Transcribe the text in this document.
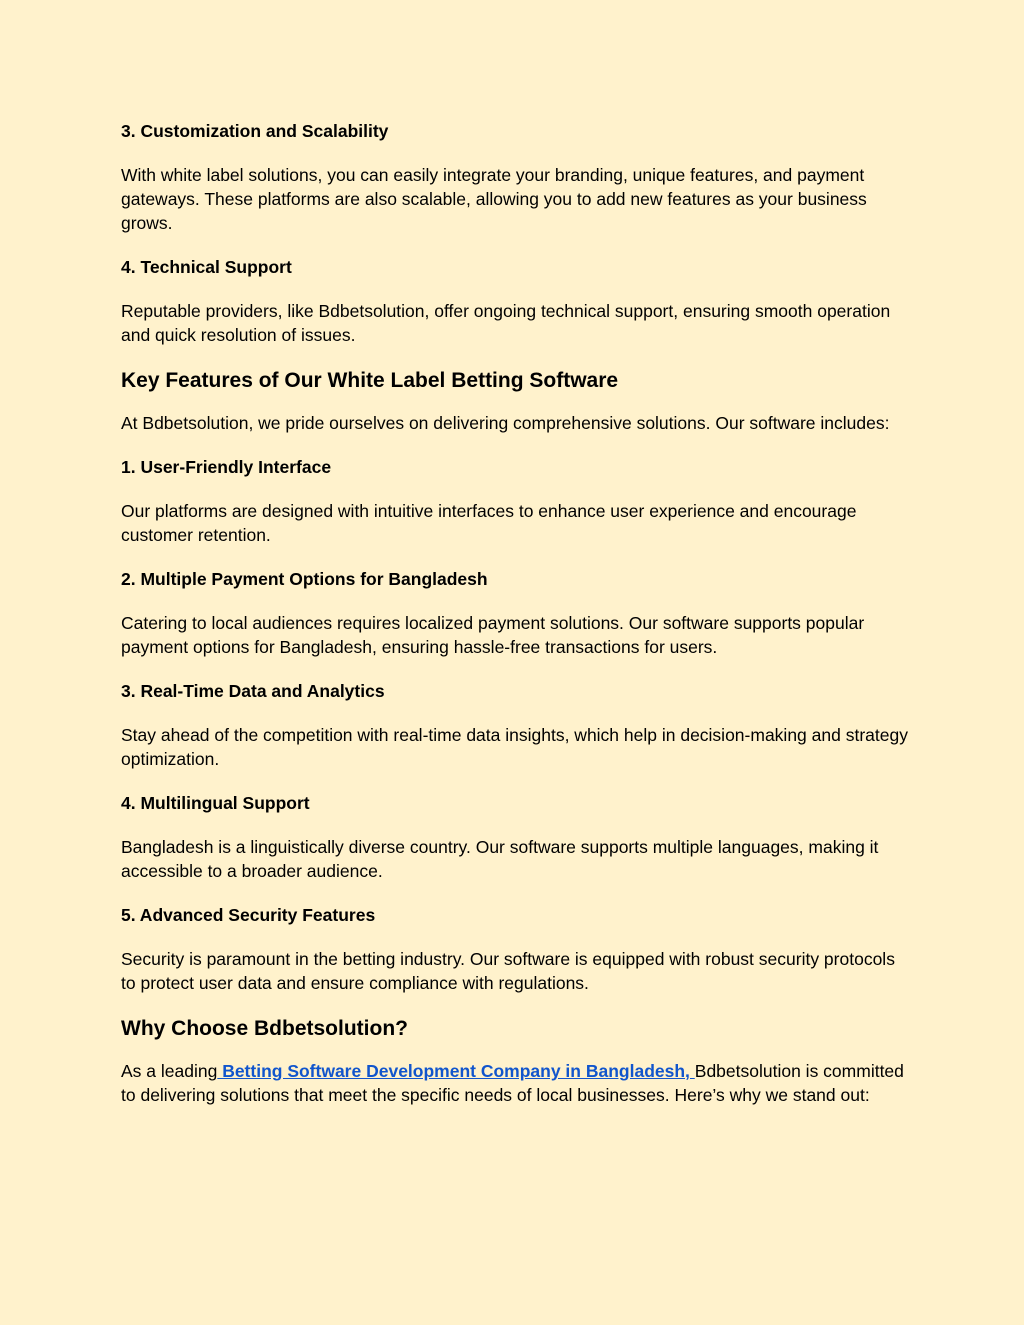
3. Customization and Scalability
With white label solutions, you can easily integrate your branding, unique features, and payment gateways. These platforms are also scalable, allowing you to add new features as your business grows.
4. Technical Support
Reputable providers, like Bdbetsolution, offer ongoing technical support, ensuring smooth operation and quick resolution of issues.
Key Features of Our White Label Betting Software
At Bdbetsolution, we pride ourselves on delivering comprehensive solutions. Our software includes:
1. User-Friendly Interface
Our platforms are designed with intuitive interfaces to enhance user experience and encourage customer retention.
2. Multiple Payment Options for Bangladesh
Catering to local audiences requires localized payment solutions. Our software supports popular payment options for Bangladesh, ensuring hassle-free transactions for users.
3. Real-Time Data and Analytics
Stay ahead of the competition with real-time data insights, which help in decision-making and strategy optimization.
4. Multilingual Support
Bangladesh is a linguistically diverse country. Our software supports multiple languages, making it accessible to a broader audience.
5. Advanced Security Features
Security is paramount in the betting industry. Our software is equipped with robust security protocols to protect user data and ensure compliance with regulations.
Why Choose Bdbetsolution?
As a leading Betting Software Development Company in Bangladesh, Bdbetsolution is committed to delivering solutions that meet the specific needs of local businesses. Here’s why we stand out:
